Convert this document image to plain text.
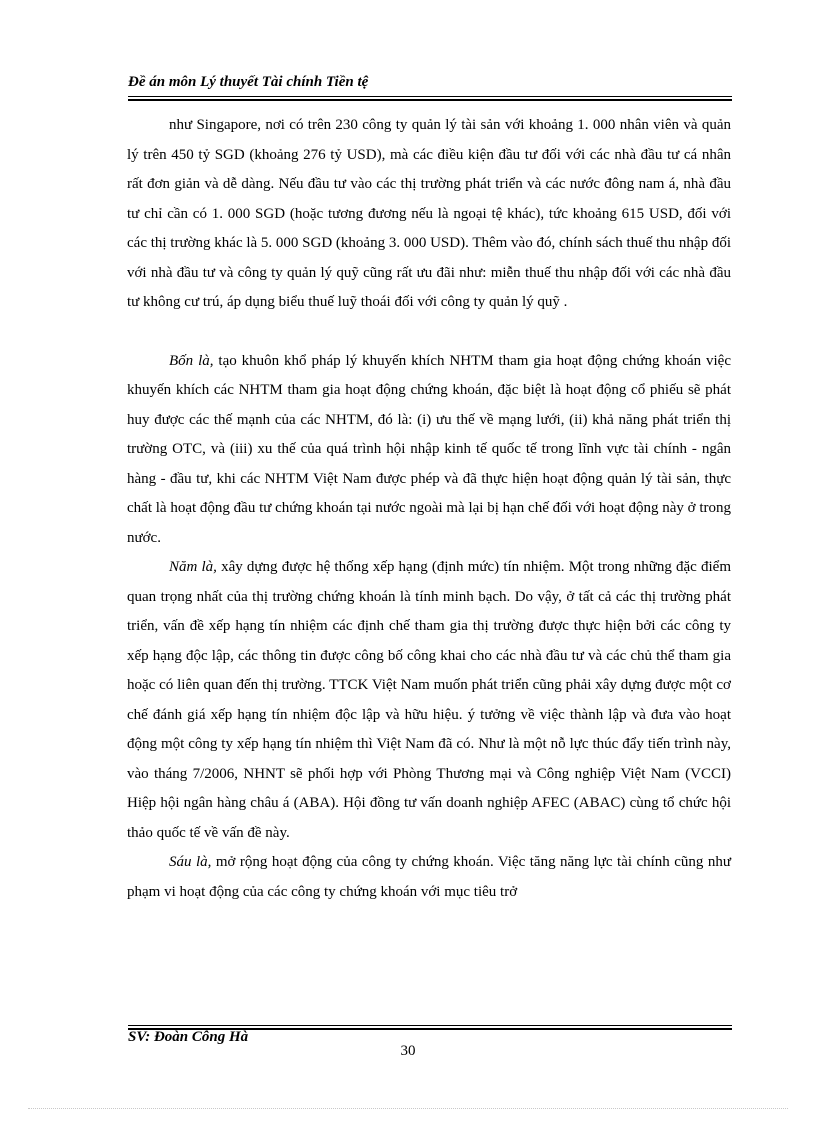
Đề án môn Lý thuyết Tài chính Tiền tệ

như Singapore, nơi có trên 230 công ty quản lý tài sản với khoảng 1. 000 nhân viên và quản lý trên 450 tỷ SGD (khoảng 276 tỷ USD), mà các điều kiện đầu tư đối với các nhà đầu tư cá nhân rất đơn giản và dễ dàng. Nếu đầu tư vào các thị trường phát triển và các nước đông nam á, nhà đầu tư chỉ cần có 1. 000 SGD (hoặc tương đương nếu là ngoại tệ khác), tức khoảng 615 USD, đối với các thị trường khác là 5. 000 SGD (khoảng 3. 000 USD). Thêm vào đó, chính sách thuế thu nhập đối với nhà đầu tư và công ty quản lý quỹ cũng rất ưu đãi như: miễn thuế thu nhập đối với các nhà đầu tư không cư trú, áp dụng biểu thuế luỹ thoái đối với công ty quản lý quỹ .

Bốn là, tạo khuôn khổ pháp lý khuyến khích NHTM tham gia hoạt động chứng khoán việc khuyến khích các NHTM tham gia hoạt động chứng khoán, đặc biệt là hoạt động cổ phiếu sẽ phát huy được các thế mạnh của các NHTM, đó là: (i) ưu thế về mạng lưới, (ii) khả năng phát triển thị trường OTC, và (iii) xu thế của quá trình hội nhập kinh tế quốc tế trong lĩnh vực tài chính - ngân hàng - đầu tư, khi các NHTM Việt Nam được phép và đã thực hiện hoạt động quản lý tài sản, thực chất là hoạt động đầu tư chứng khoán tại nước ngoài mà lại bị hạn chế đối với hoạt động này ở trong nước.

Năm là, xây dựng được hệ thống xếp hạng (định mức) tín nhiệm. Một trong những đặc điểm quan trọng nhất của thị trường chứng khoán là tính minh bạch. Do vậy, ở tất cả các thị trường phát triển, vấn đề xếp hạng tín nhiệm các định chế tham gia thị trường được thực hiện bởi các công ty xếp hạng độc lập, các thông tin được công bố công khai cho các nhà đầu tư và các chủ thể tham gia hoặc có liên quan đến thị trường. TTCK Việt Nam muốn phát triển cũng phải xây dựng được một cơ chế đánh giá xếp hạng tín nhiệm độc lập và hữu hiệu. ý tưởng về việc thành lập và đưa vào hoạt động một công ty xếp hạng tín nhiệm thì Việt Nam đã có. Như là một nỗ lực thúc đẩy tiến trình này, vào tháng 7/2006, NHNT sẽ phối hợp với Phòng Thương mại và Công nghiệp Việt Nam (VCCI) Hiệp hội ngân hàng châu á (ABA). Hội đồng tư vấn doanh nghiệp AFEC (ABAC) cùng tổ chức hội thảo quốc tế về vấn đề này.

Sáu là, mở rộng hoạt động của công ty chứng khoán. Việc tăng năng lực tài chính cũng như phạm vi hoạt động của các công ty chứng khoán với mục tiêu trở

SV: Đoàn Công Hà
30
